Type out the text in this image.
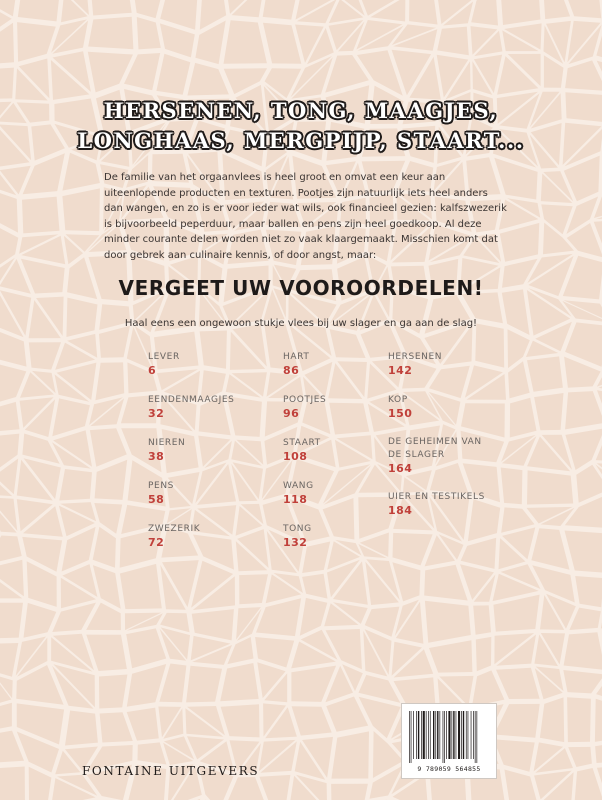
HERSENEN, TONG, MAAGJES,
LONGHAAS, MERGPIJP, STAART...
De familie van het orgaanvlees is heel groot en omvat een keur aan
uiteenlopende producten en texturen. Pootjes zijn natuurlijk iets heel anders
dan wangen, en zo is er voor ieder wat wils, ook financieel gezien: kalfszwezerik
is bijvoorbeeld peperduur, maar ballen en pens zijn heel goedkoop. Al deze
minder courante delen worden niet zo vaak klaargemaakt. Misschien komt dat
door gebrek aan culinaire kennis, of door angst, maar:
VERGEET UW VOOROORDELEN!
Haal eens een ongewoon stukje vlees bij uw slager en ga aan de slag!
LEVER
6
EENDENMAAGJES
32
NIEREN
38
PENS
58
ZWEZERIK
72
HART
86
POOTJES
96
STAART
108
WANG
118
TONG
132
HERSENEN
142
KOP
150
DE GEHEIMEN VAN
DE SLAGER
164
UIER EN TESTIKELS
184
FONTAINE UITGEVERS	9 789059 564855
